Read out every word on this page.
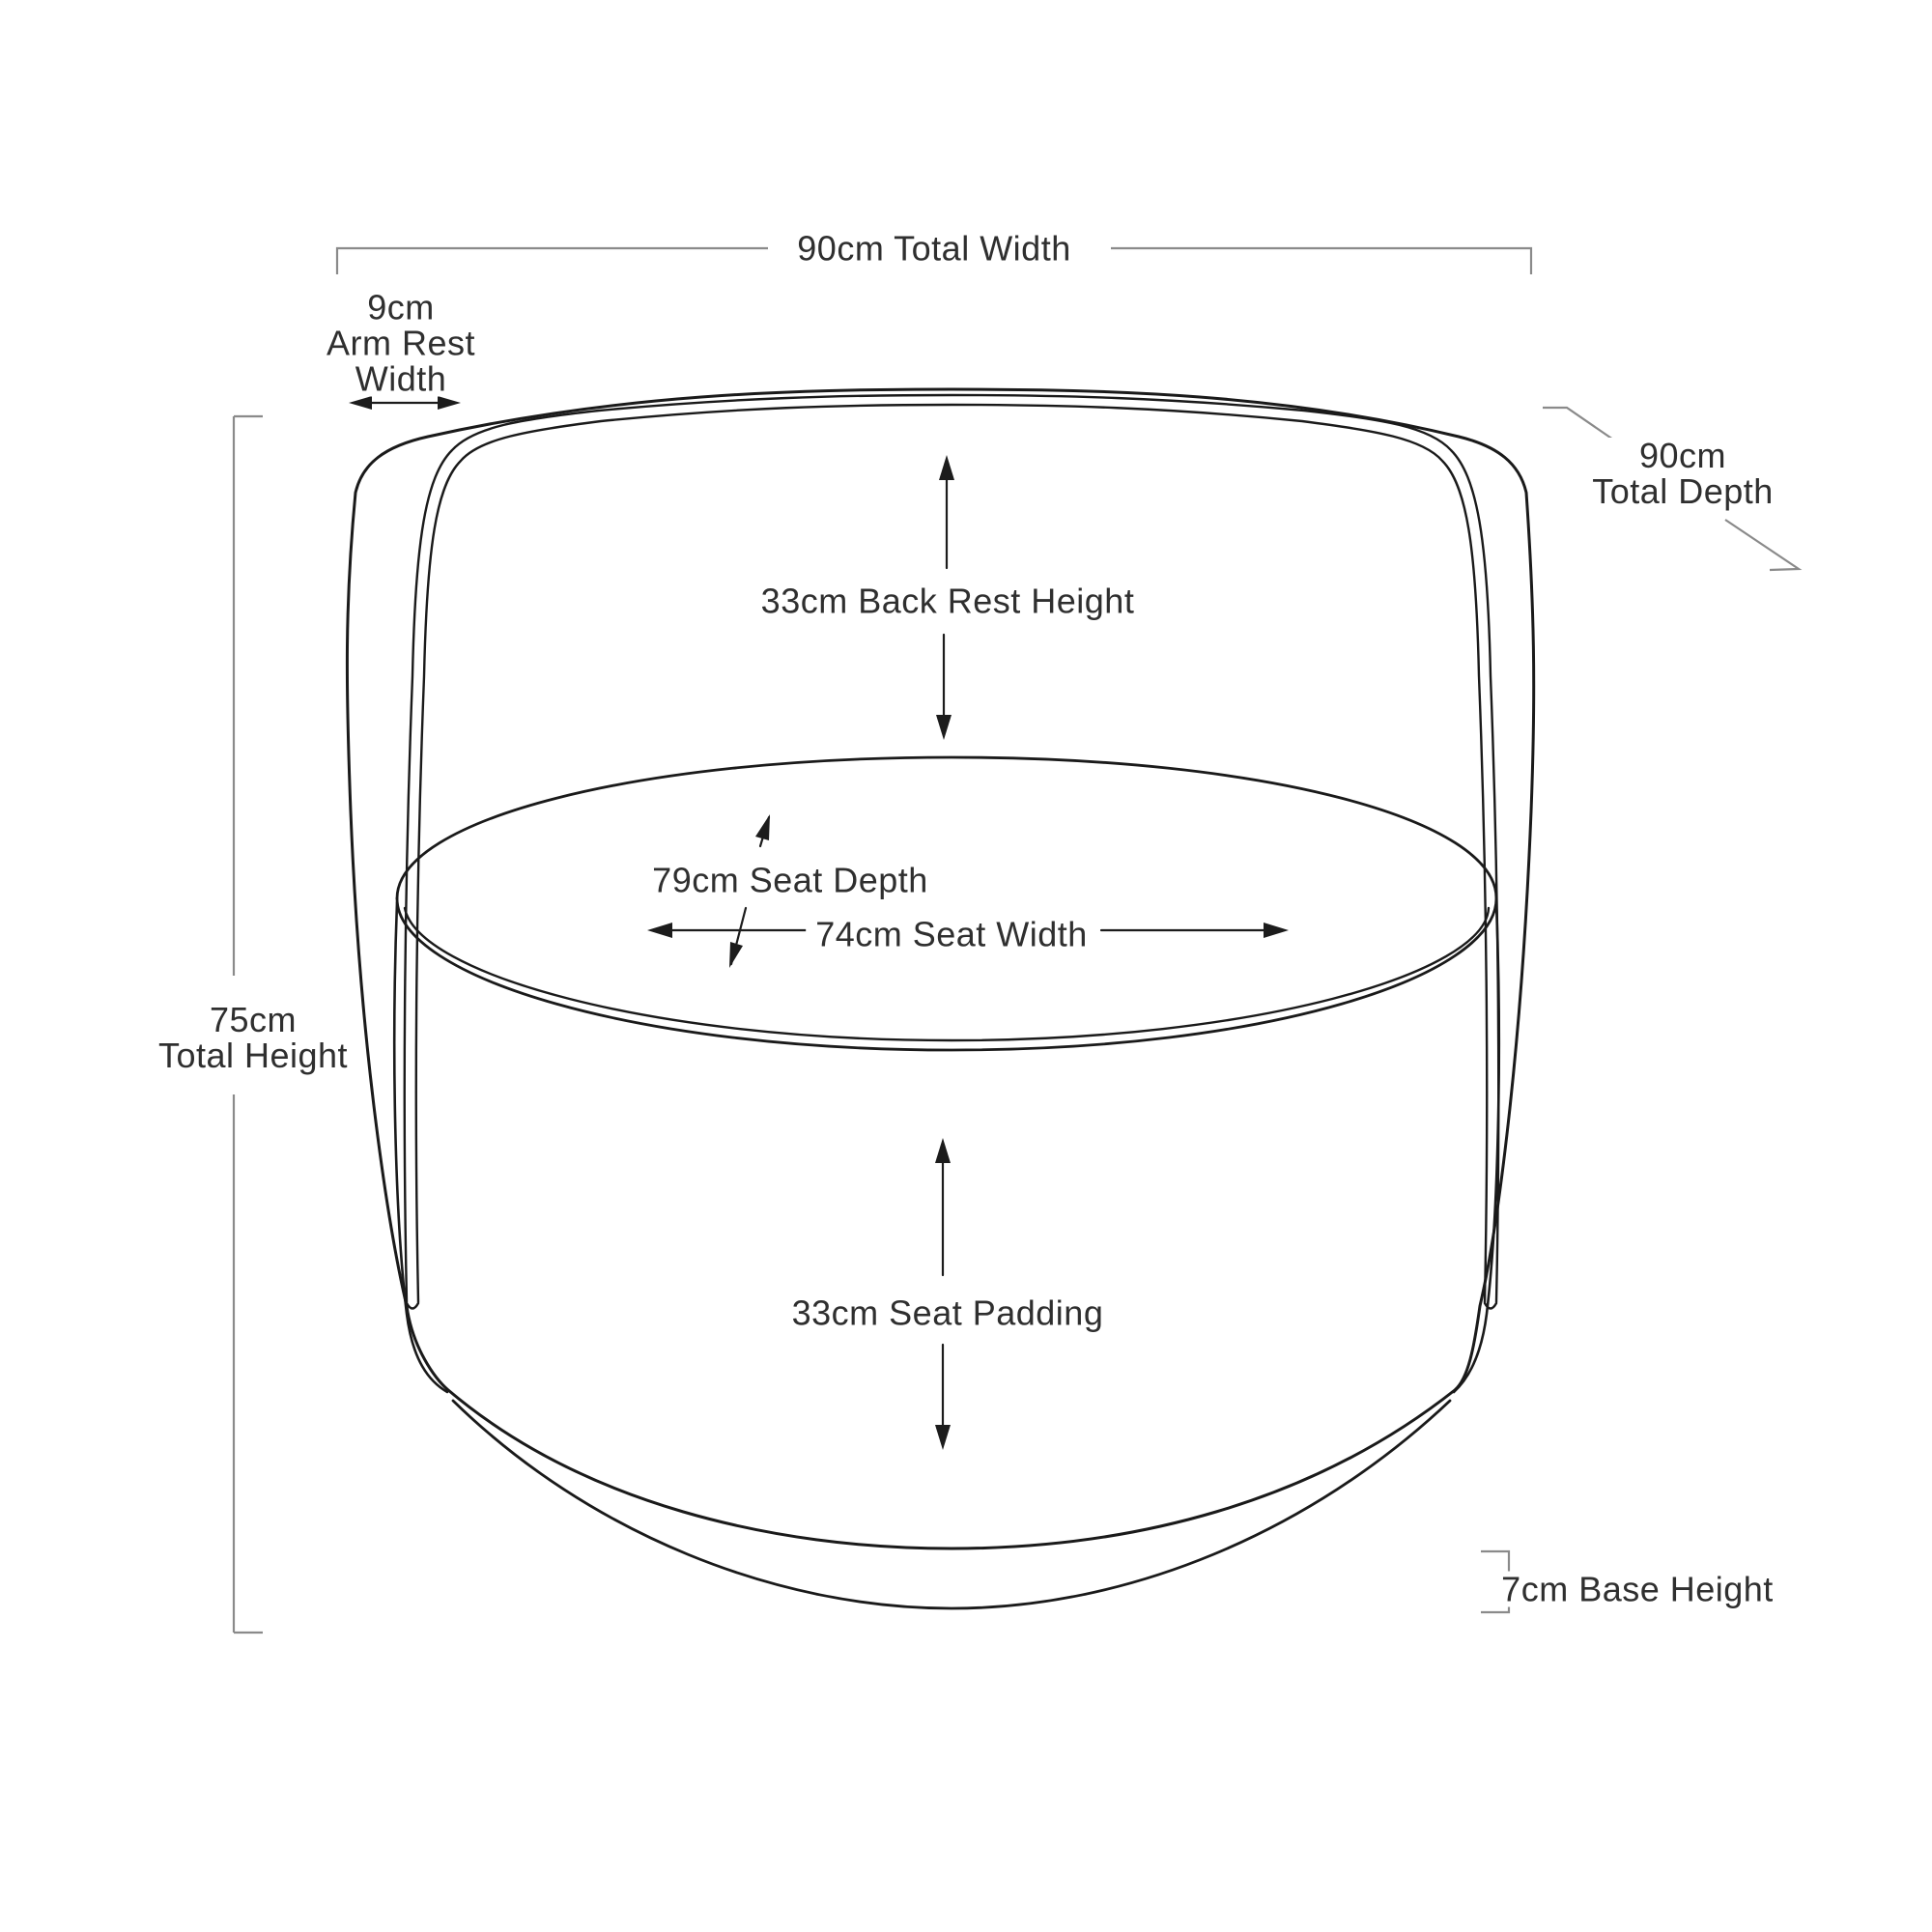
90cm Total Width
9cm
Arm Rest
Width
90cm
Total Depth
33cm Back Rest Height
79cm Seat Depth
74cm Seat Width
75cm
Total Height
33cm Seat Padding
7cm Base Height
